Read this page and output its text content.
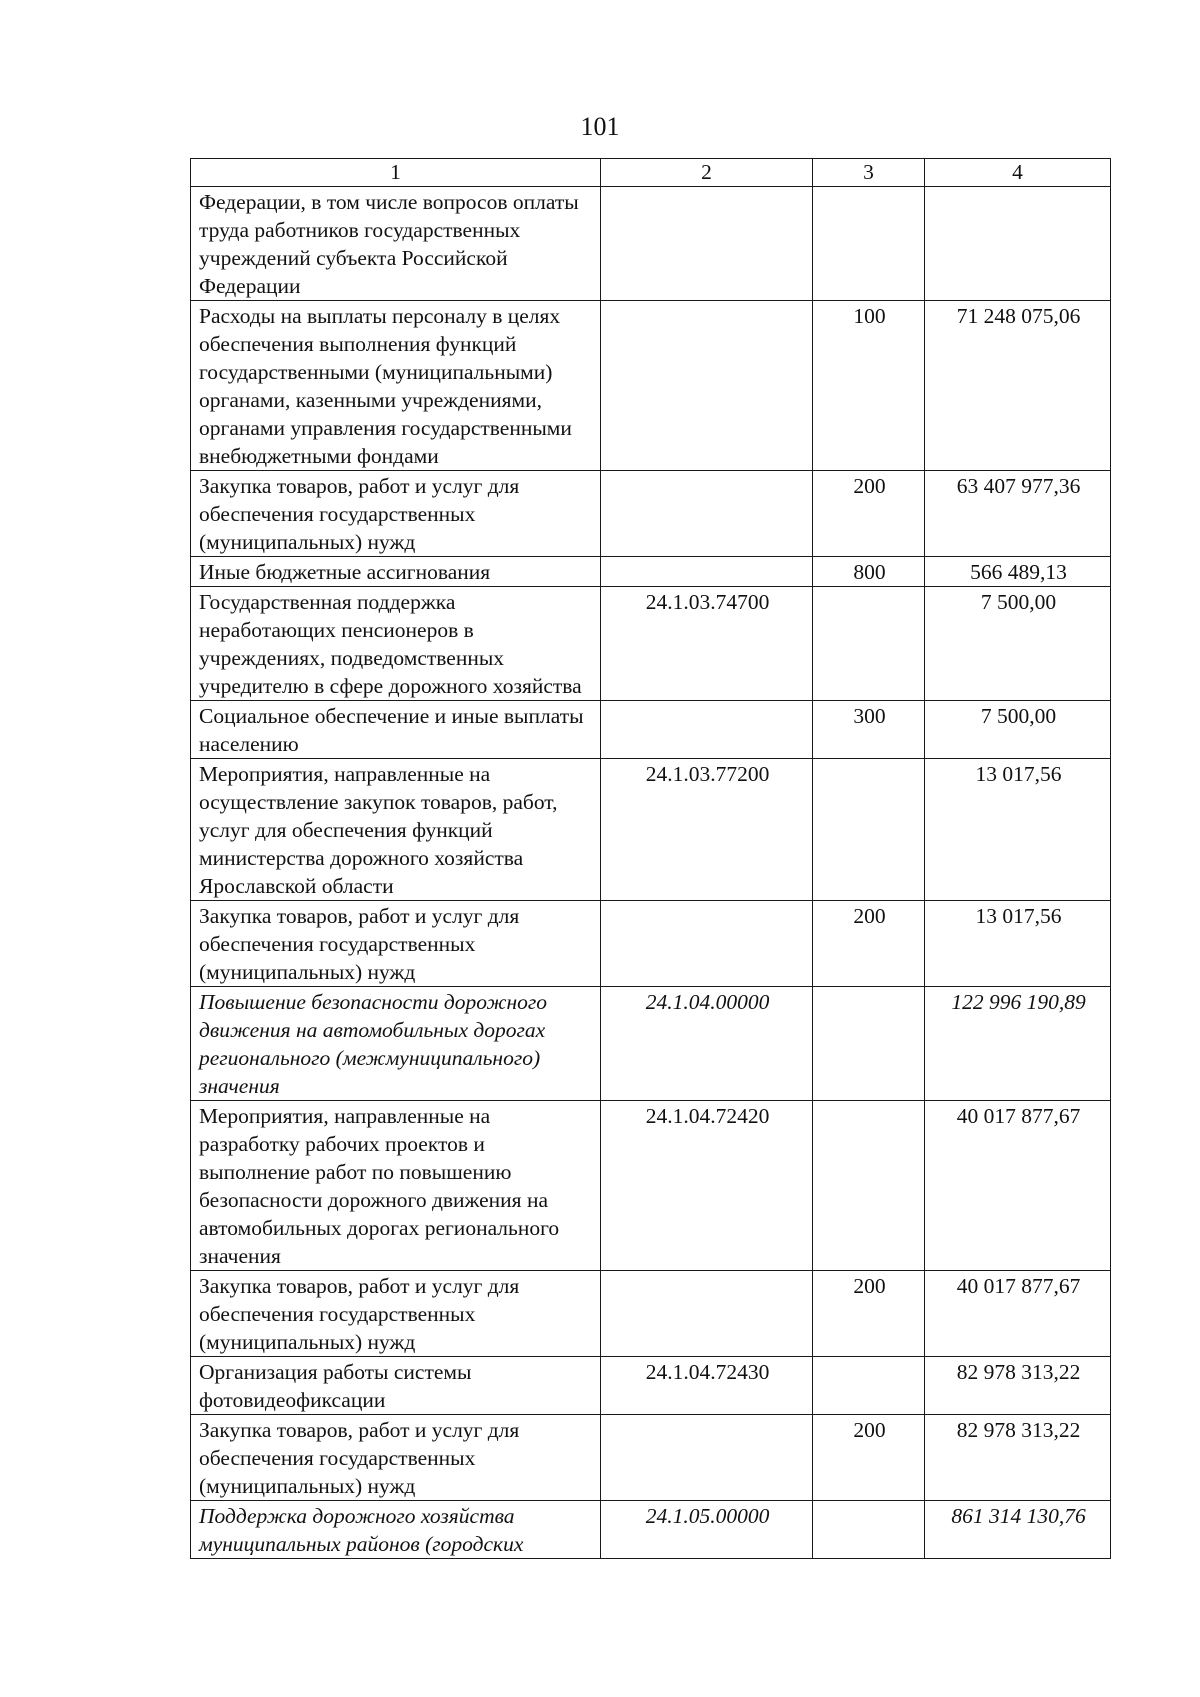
101
1	2	3	4
Федерации, в том числе вопросов оплаты труда работников государственных учреждений субъекта Российской Федерации			
Расходы на выплаты персоналу в целях обеспечения выполнения функций государственными (муниципальными) органами, казенными учреждениями, органами управления государственными внебюджетными фондами		100	71 248 075,06
Закупка товаров, работ и услуг для обеспечения государственных (муниципальных) нужд		200	63 407 977,36
Иные бюджетные ассигнования		800	566 489,13
Государственная поддержка неработающих пенсионеров в учреждениях, подведомственных учредителю в сфере дорожного хозяйства	24.1.03.74700		7 500,00
Социальное обеспечение и иные выплаты населению		300	7 500,00
Мероприятия, направленные на осуществление закупок товаров, работ, услуг для обеспечения функций министерства дорожного хозяйства Ярославской области	24.1.03.77200		13 017,56
Закупка товаров, работ и услуг для обеспечения государственных (муниципальных) нужд		200	13 017,56
Повышение безопасности дорожного движения на автомобильных дорогах регионального (межмуниципального) значения	24.1.04.00000		122 996 190,89
Мероприятия, направленные на разработку рабочих проектов и выполнение работ по повышению безопасности дорожного движения на автомобильных дорогах регионального значения	24.1.04.72420		40 017 877,67
Закупка товаров, работ и услуг для обеспечения государственных (муниципальных) нужд		200	40 017 877,67
Организация работы системы фотовидеофиксации	24.1.04.72430		82 978 313,22
Закупка товаров, работ и услуг для обеспечения государственных (муниципальных) нужд		200	82 978 313,22
Поддержка дорожного хозяйства муниципальных районов (городских	24.1.05.00000		861 314 130,76
